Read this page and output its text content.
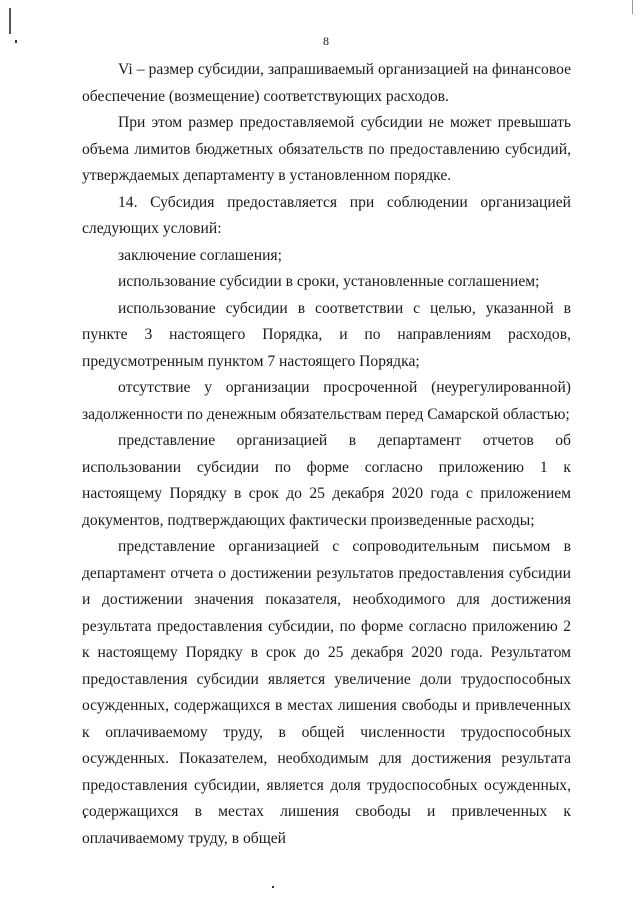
8

Vi – размер субсидии, запрашиваемый организацией на финансовое обеспечение (возмещение) соответствующих расходов.

При этом размер предоставляемой субсидии не может превышать объема лимитов бюджетных обязательств по предоставлению субсидий, утверждаемых департаменту в установленном порядке.

14. Субсидия предоставляется при соблюдении организацией следующих условий:

заключение соглашения;

использование субсидии в сроки, установленные соглашением;

использование субсидии в соответствии с целью, указанной в пункте 3 настоящего Порядка, и по направлениям расходов, предусмотренным пунктом 7 настоящего Порядка;

отсутствие у организации просроченной (неурегулированной) задолженности по денежным обязательствам перед Самарской областью;

представление организацией в департамент отчетов об использовании субсидии по форме согласно приложению 1 к настоящему Порядку в срок до 25 декабря 2020 года с приложением документов, подтверждающих фактически произведенные расходы;

представление организацией с сопроводительным письмом в департамент отчета о достижении результатов предоставления субсидии и достижении значения показателя, необходимого для достижения результата предоставления субсидии, по форме согласно приложению 2 к настоящему Порядку в срок до 25 декабря 2020 года. Результатом предоставления субсидии является увеличение доли трудоспособных осужденных, содержащихся в местах лишения свободы и привлеченных к оплачиваемому труду, в общей численности трудоспособных осужденных. Показателем, необходимым для достижения результата предоставления субсидии, является доля трудоспособных осужденных, содержащихся в местах лишения свободы и привлеченных к оплачиваемому труду, в общей
